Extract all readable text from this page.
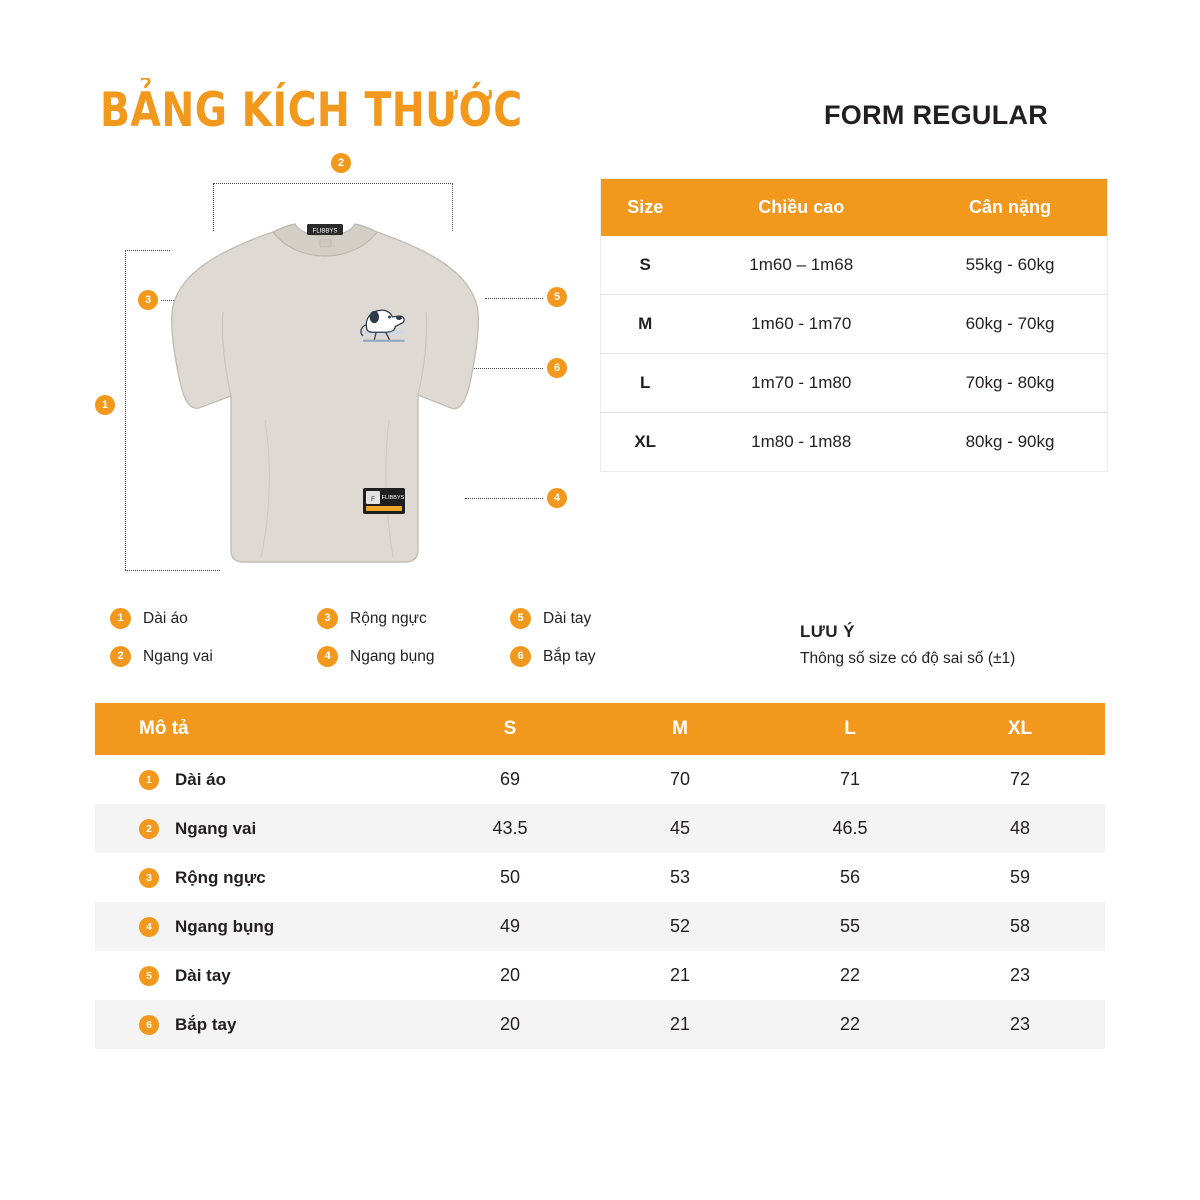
BẢNG KÍCH THƯỚC	FORM REGULAR
2
1
3	5
6
4
FLIBBYS
F FLIBBYS
1	Dài áo
2	Ngang vai
3	Rộng ngực
4	Ngang bụng
5	Dài tay
6	Bắp tay
LƯU Ý
Thông số size có độ sai số (±1)
Size	Chiều cao	Cân nặng
S	1m60 – 1m68	55kg - 60kg
M	1m60 - 1m70	60kg - 70kg
L	1m70 - 1m80	70kg - 80kg
XL	1m80 - 1m88	80kg - 90kg
Mô tả	S	M	L	XL

1 Dài áo	69	70	71	72

2 Ngang vai	43.5	45	46.5	48

3 Rộng ngực	50	53	56	59

4 Ngang bụng	49	52	55	58

5 Dài tay	20	21	22	23

6 Bắp tay	20	21	22	23
